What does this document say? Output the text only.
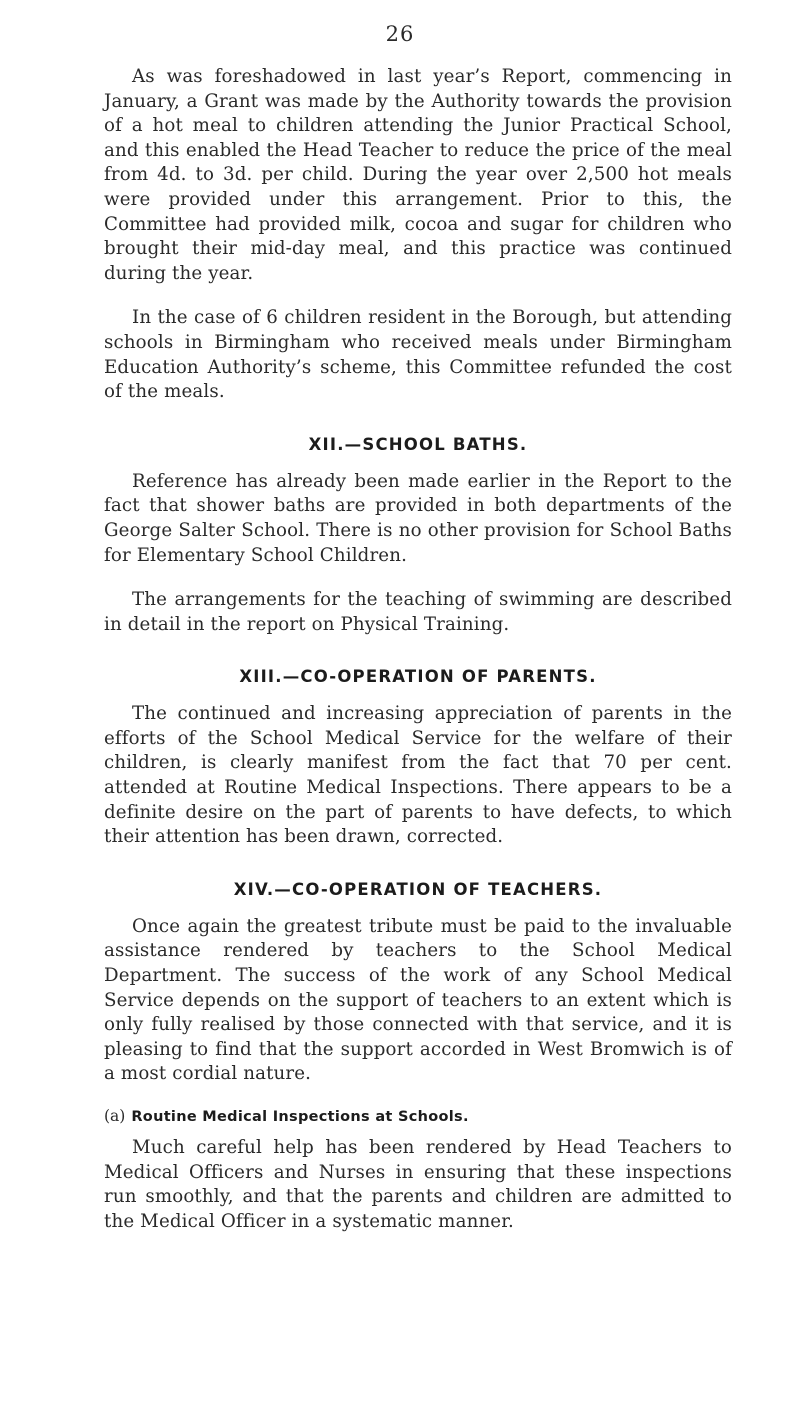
26

As was foreshadowed in last year’s Report, commencing in January, a Grant was made by the Authority towards the provision of a hot meal to children attending the Junior Practical School, and this enabled the Head Teacher to reduce the price of the meal from 4d. to 3d. per child. During the year over 2,500 hot meals were provided under this arrangement. Prior to this, the Committee had provided milk, cocoa and sugar for children who brought their mid-day meal, and this practice was continued during the year.

In the case of 6 children resident in the Borough, but attending schools in Birmingham who received meals under Birmingham Education Authority’s scheme, this Committee refunded the cost of the meals.

XII.—SCHOOL BATHS.

Reference has already been made earlier in the Report to the fact that shower baths are provided in both departments of the George Salter School. There is no other provision for School Baths for Elementary School Children.

The arrangements for the teaching of swimming are described in detail in the report on Physical Training.

XIII.—CO-OPERATION OF PARENTS.

The continued and increasing appreciation of parents in the efforts of the School Medical Service for the welfare of their children, is clearly manifest from the fact that 70 per cent. attended at Routine Medical Inspections. There appears to be a definite desire on the part of parents to have defects, to which their attention has been drawn, corrected.

XIV.—CO-OPERATION OF TEACHERS.

Once again the greatest tribute must be paid to the invaluable assistance rendered by teachers to the School Medical Department. The success of the work of any School Medical Service depends on the support of teachers to an extent which is only fully realised by those connected with that service, and it is pleasing to find that the support accorded in West Bromwich is of a most cordial nature.

(a) Routine Medical Inspections at Schools.

Much careful help has been rendered by Head Teachers to Medical Officers and Nurses in ensuring that these inspections run smoothly, and that the parents and children are admitted to the Medical Officer in a systematic manner.
